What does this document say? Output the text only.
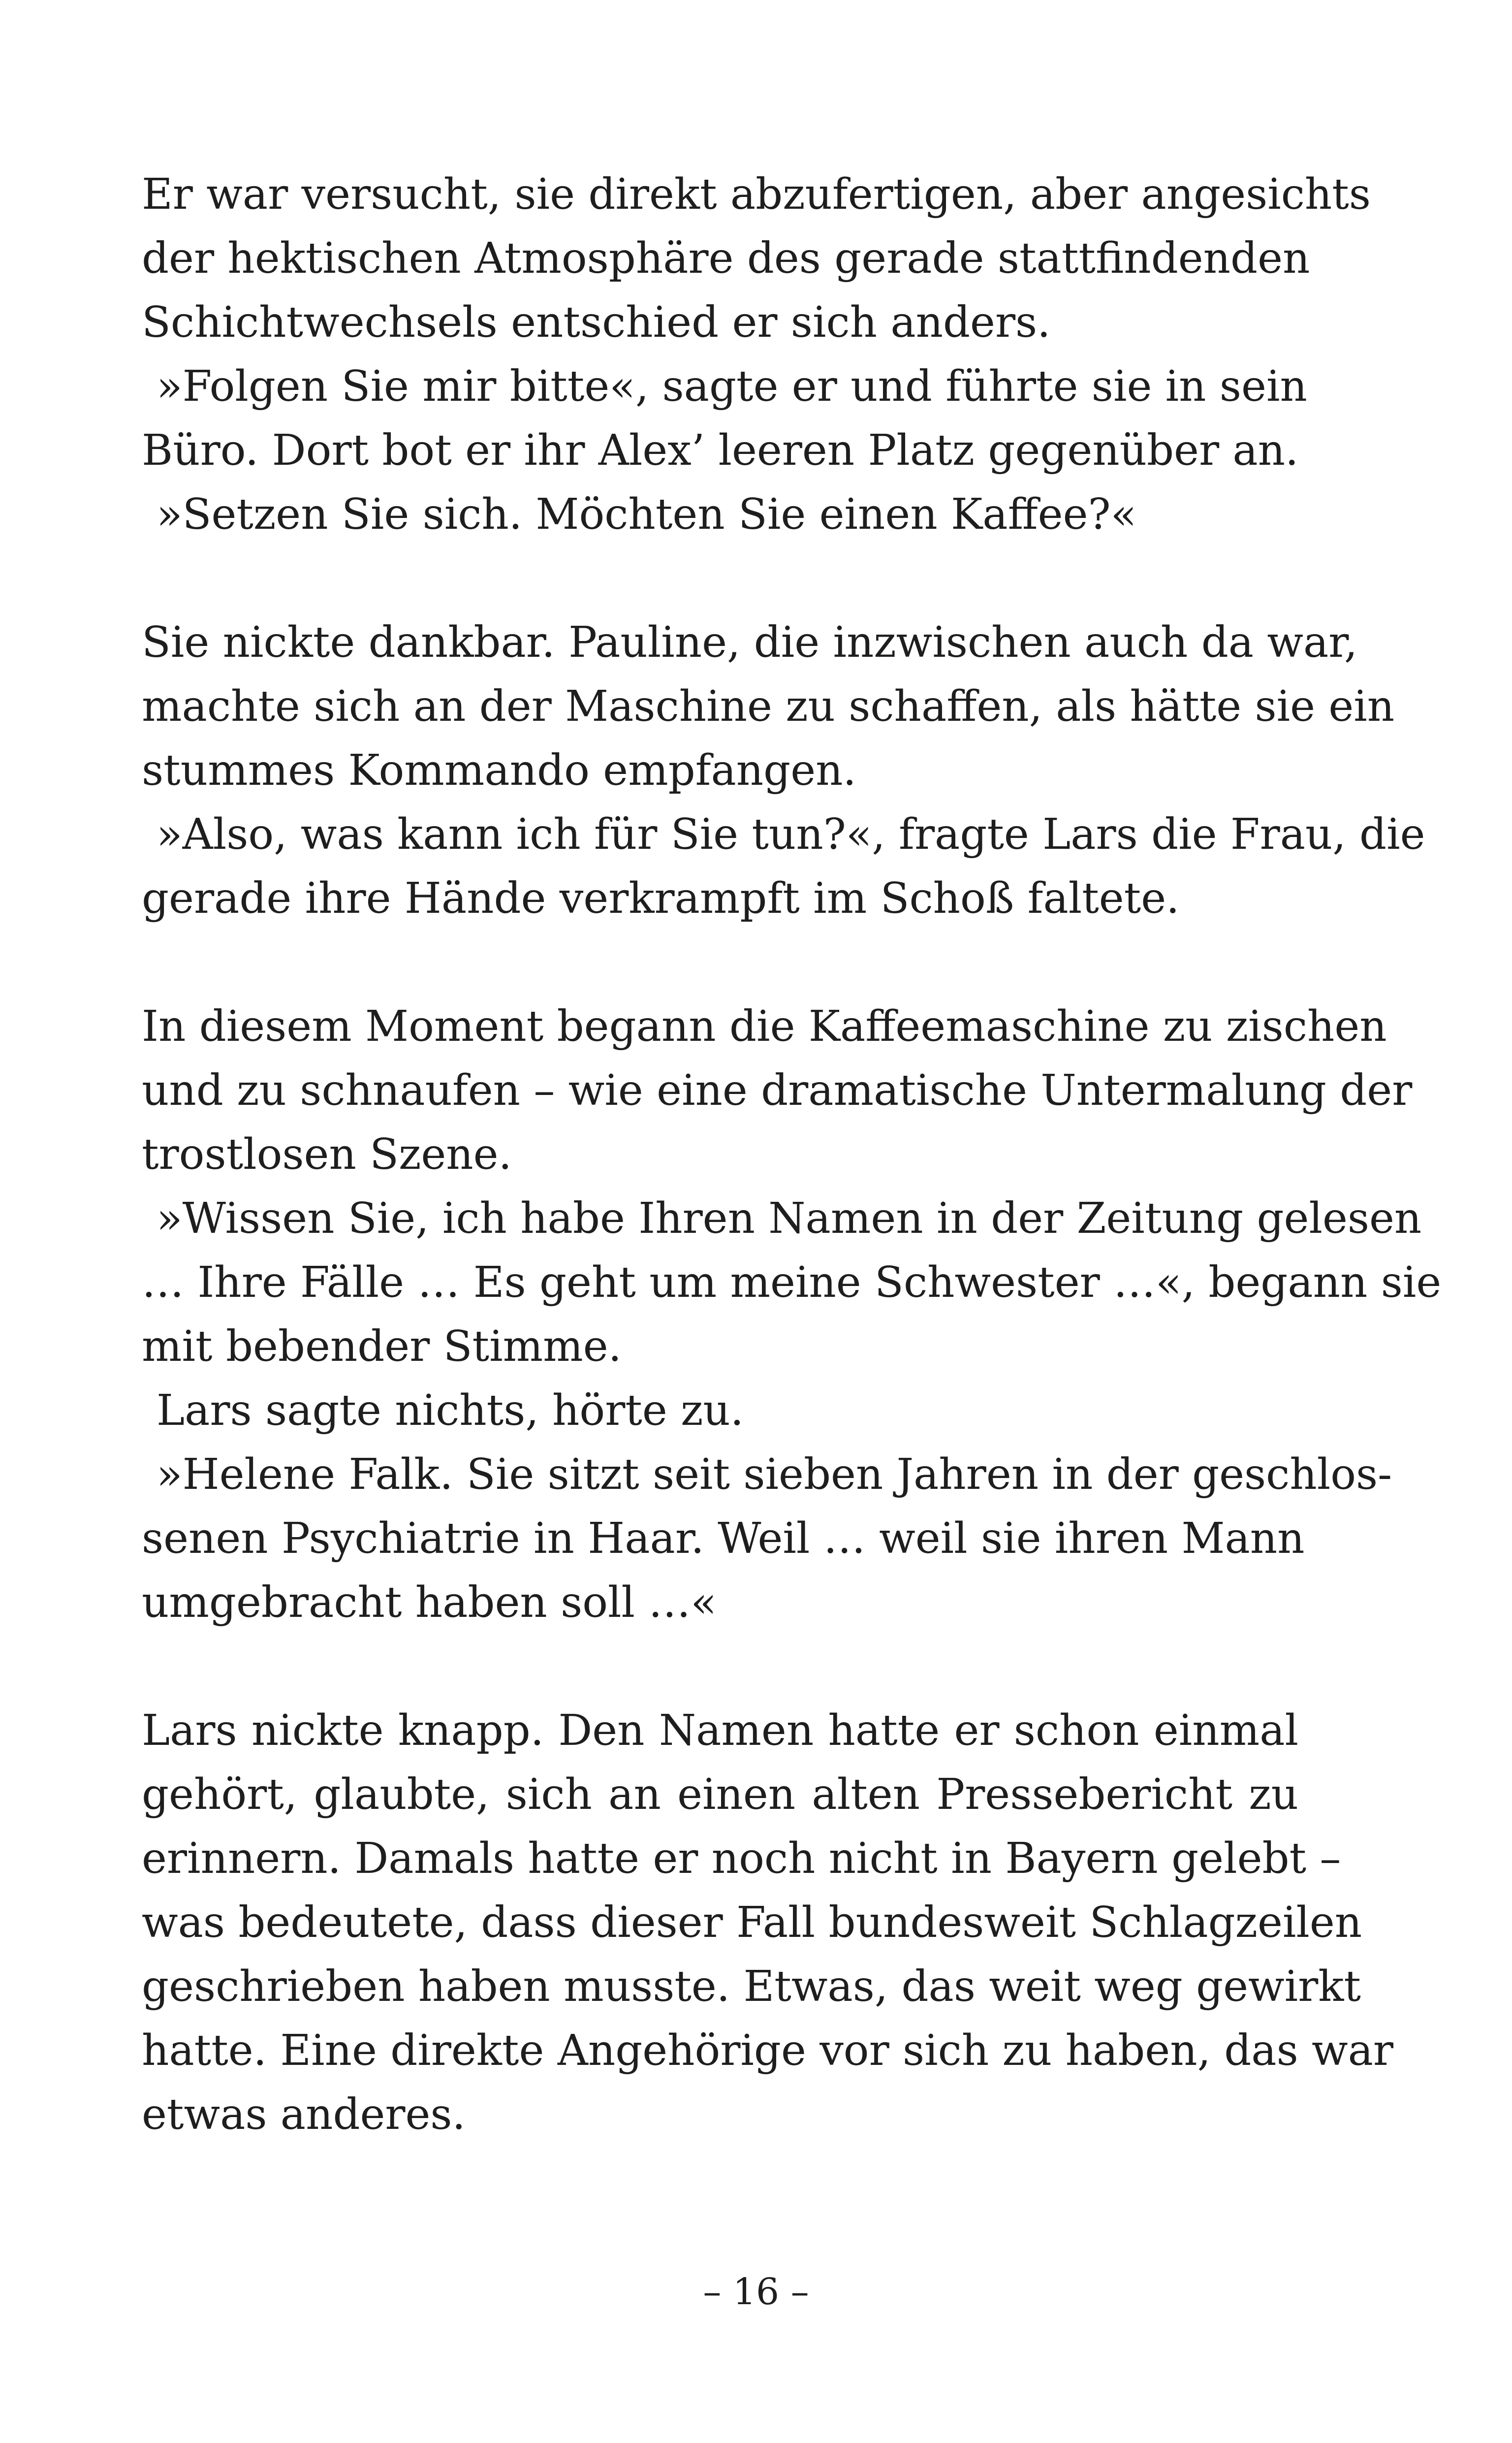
Er war versucht, sie direkt abzufertigen, aber angesichts
der hektischen Atmosphäre des gerade stattfindenden
Schichtwechsels entschied er sich anders.
»Folgen Sie mir bitte«, sagte er und führte sie in sein
Büro. Dort bot er ihr Alex’ leeren Platz gegenüber an.
»Setzen Sie sich. Möchten Sie einen Kaffee?«
Sie nickte dankbar. Pauline, die inzwischen auch da war,
machte sich an der Maschine zu schaffen, als hätte sie ein
stummes Kommando empfangen.
»Also, was kann ich für Sie tun?«, fragte Lars die Frau, die
gerade ihre Hände verkrampft im Schoß faltete.
In diesem Moment begann die Kaffeemaschine zu zischen
und zu schnaufen – wie eine dramatische Untermalung der
trostlosen Szene.
»Wissen Sie, ich habe Ihren Namen in der Zeitung gelesen
… Ihre Fälle … Es geht um meine Schwester …«, begann sie
mit bebender Stimme.
Lars sagte nichts, hörte zu.
»Helene Falk. Sie sitzt seit sieben Jahren in der geschlos-
senen Psychiatrie in Haar. Weil … weil sie ihren Mann
umgebracht haben soll …«
Lars nickte knapp. Den Namen hatte er schon einmal
gehört, glaubte, sich an einen alten Pressebericht zu
erinnern. Damals hatte er noch nicht in Bayern gelebt –
was bedeutete, dass dieser Fall bundesweit Schlagzeilen
geschrieben haben musste. Etwas, das weit weg gewirkt
hatte. Eine direkte Angehörige vor sich zu haben, das war
etwas anderes.
– 16 –
